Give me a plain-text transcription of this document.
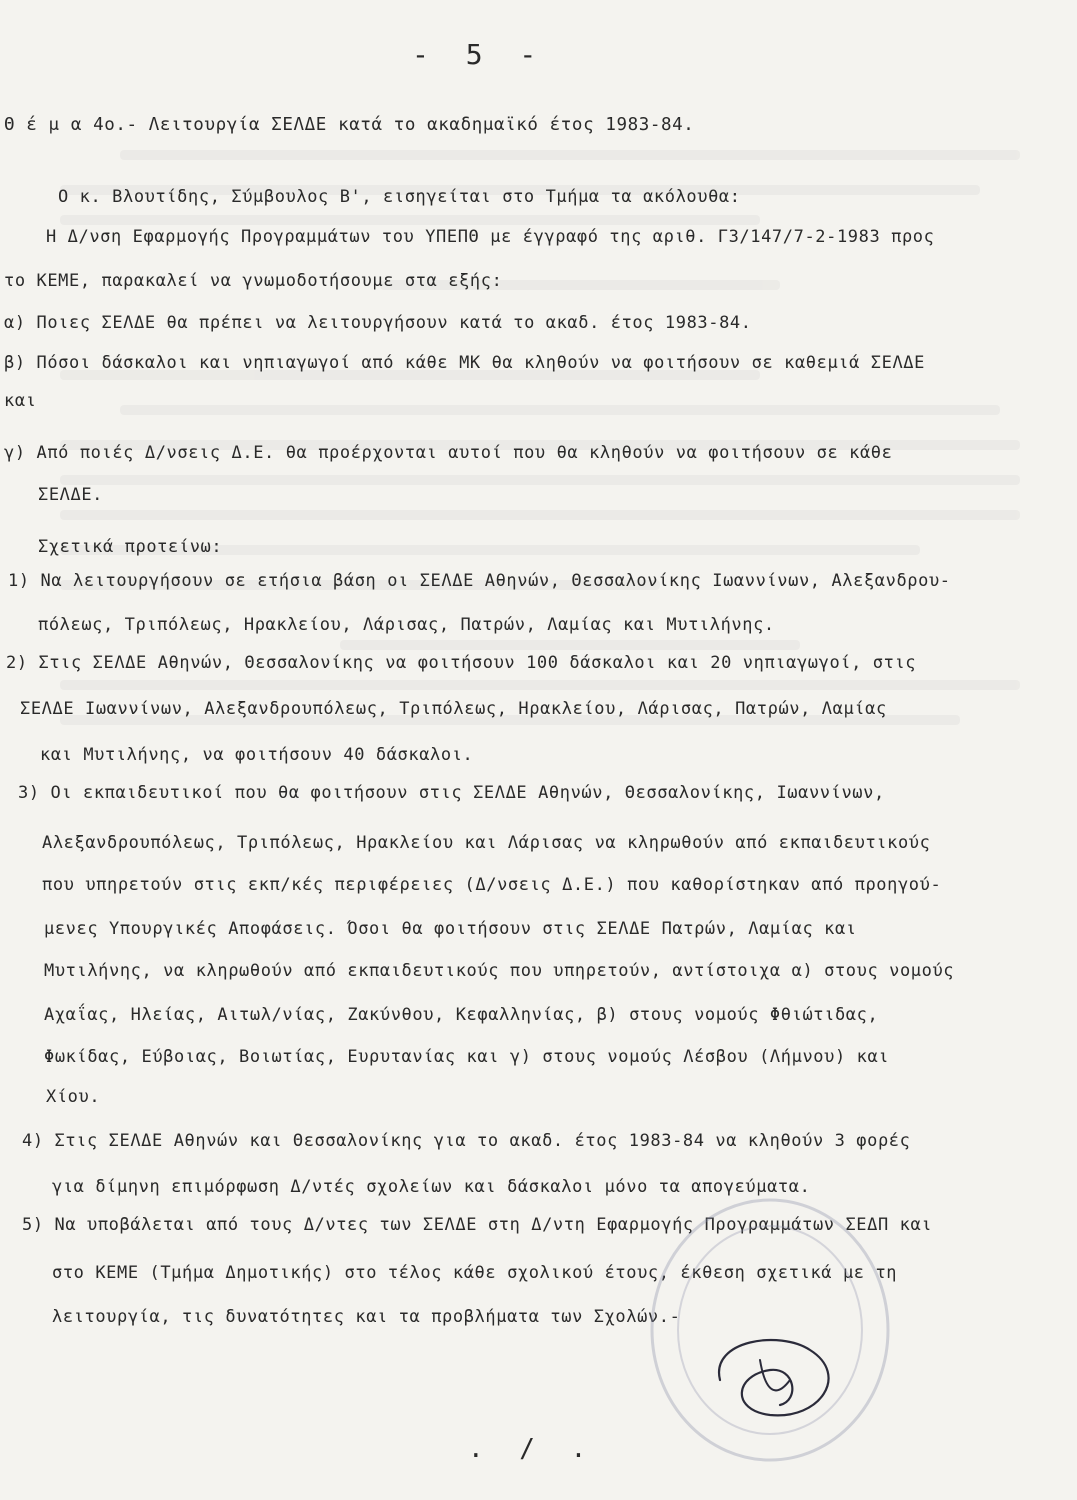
- 5 -
Θ έ μ α 4ο.- Λειτουργία ΣΕΛΔΕ κατά το ακαδημαϊκό έτος 1983-84.
Ο κ. Βλουτίδης, Σύμβουλος Β', εισηγείται στο Τμήμα τα ακόλουθα:
Η Δ/νση Εφαρμογής Προγραμμάτων του ΥΠΕΠΘ με έγγραφό της αριθ. Γ3/147/7-2-1983 προς
το ΚΕΜΕ, παρακαλεί να γνωμοδοτήσουμε στα εξής:
α) Ποιες ΣΕΛΔΕ θα πρέπει να λειτουργήσουν κατά το ακαδ. έτος 1983-84.
β) Πόσοι δάσκαλοι και νηπιαγωγοί από κάθε ΜΚ θα κληθούν να φοιτήσουν σε καθεμιά ΣΕΛΔΕ
και
γ) Από ποιές Δ/νσεις Δ.Ε. θα προέρχονται αυτοί που θα κληθούν να φοιτήσουν σε κάθε
ΣΕΛΔΕ.
Σχετικά προτείνω:
1) Να λειτουργήσουν σε ετήσια βάση οι ΣΕΛΔΕ Αθηνών, Θεσσαλονίκης Ιωαννίνων, Αλεξανδρου-
πόλεως, Τριπόλεως, Ηρακλείου, Λάρισας, Πατρών, Λαμίας και Μυτιλήνης.
2) Στις ΣΕΛΔΕ Αθηνών, Θεσσαλονίκης να φοιτήσουν 100 δάσκαλοι και 20 νηπιαγωγοί, στις
ΣΕΛΔΕ Ιωαννίνων, Αλεξανδρουπόλεως, Τριπόλεως, Ηρακλείου, Λάρισας, Πατρών, Λαμίας
και Μυτιλήνης, να φοιτήσουν 40 δάσκαλοι.
3) Οι εκπαιδευτικοί που θα φοιτήσουν στις ΣΕΛΔΕ Αθηνών, Θεσσαλονίκης, Ιωαννίνων,
Αλεξανδρουπόλεως, Τριπόλεως, Ηρακλείου και Λάρισας να κληρωθούν από εκπαιδευτικούς
που υπηρετούν στις εκπ/κές περιφέρειες (Δ/νσεις Δ.Ε.) που καθορίστηκαν από προηγού-
μενες Υπουργικές Αποφάσεις. Όσοι θα φοιτήσουν στις ΣΕΛΔΕ Πατρών, Λαμίας και
Μυτιλήνης, να κληρωθούν από εκπαιδευτικούς που υπηρετούν, αντίστοιχα α) στους νομούς
Αχαΐας, Ηλείας, Αιτωλ/νίας, Ζακύνθου, Κεφαλληνίας, β) στους νομούς Φθιώτιδας,
Φωκίδας, Εύβοιας, Βοιωτίας, Ευρυτανίας και γ) στους νομούς Λέσβου (Λήμνου) και
Χίου.
4) Στις ΣΕΛΔΕ Αθηνών και Θεσσαλονίκης για το ακαδ. έτος 1983-84 να κληθούν 3 φορές
για δίμηνη επιμόρφωση Δ/ντές σχολείων και δάσκαλοι μόνο τα απογεύματα.
5) Να υποβάλεται από τους Δ/ντες των ΣΕΛΔΕ στη Δ/ντη Εφαρμογής Προγραμμάτων ΣΕΔΠ και
στο ΚΕΜΕ (Τμήμα Δημοτικής) στο τέλος κάθε σχολικού έτους, έκθεση σχετικά με τη
λειτουργία, τις δυνατότητες και τα προβλήματα των Σχολών.-
. / .
